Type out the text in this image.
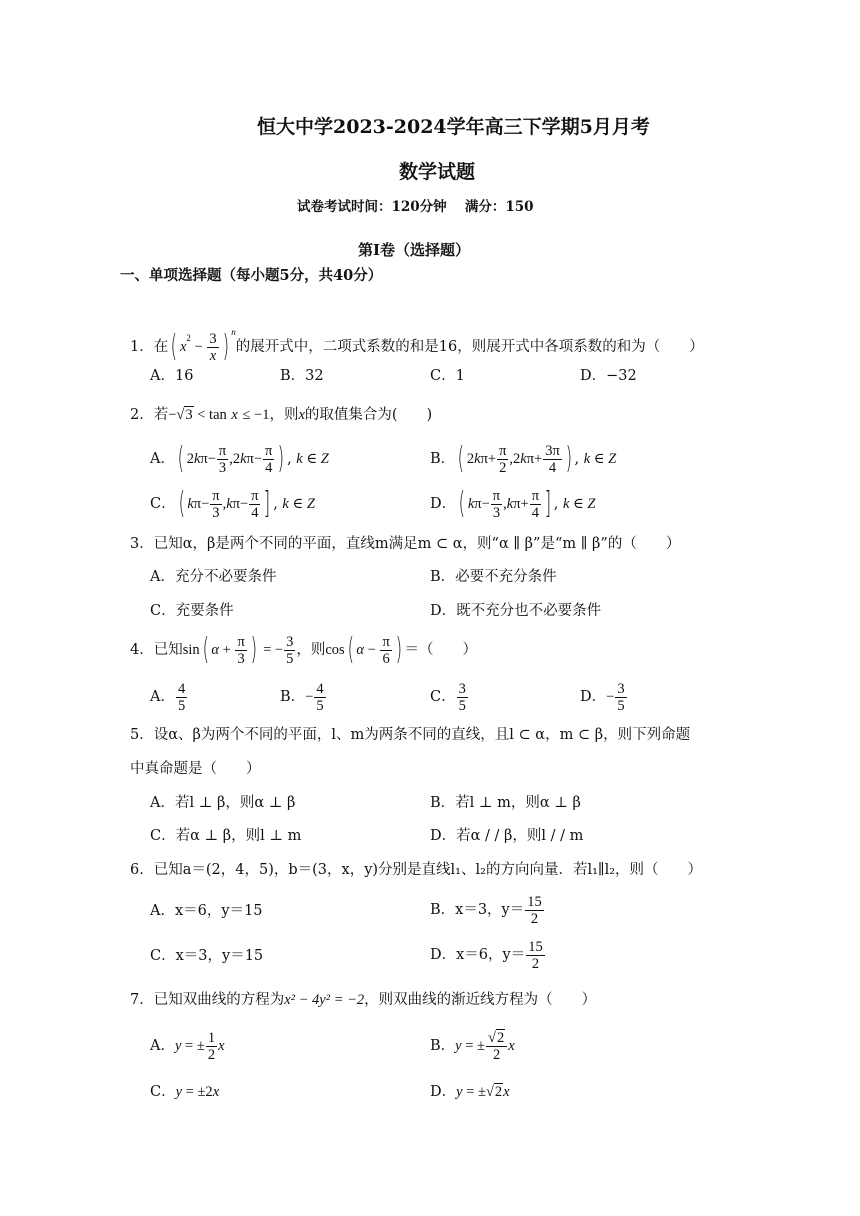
恒大中学2023-2024学年高三下学期5月月考
数学试题
试卷考试时间：120分钟　 满分：150
第Ⅰ卷（选择题）
一、单项选择题（每小题5分，共40分）
1．在( $x^2 - \frac{3}{x}$ ) $^n$的展开式中，二项式系数的和是16，则展开式中各项系数的和为（　　）
A．16	B．32	C．1	D．−32
2．若−√3 < tan x ≤ −1，则x的取值集合为(　　)
A．( $2k\pi- \frac{\pi}{3} ,2k\pi- \frac{\pi}{4}$ ) , k ∈ Z	B．( $2k\pi+ \frac{\pi}{2} ,2k\pi+ \frac{3\pi}{4}$ ) , k ∈ Z
C．( $k\pi- \frac{\pi}{3} ,k\pi- \frac{\pi}{4}$ ] , k ∈ Z	D．( $k\pi- \frac{\pi}{3} ,k\pi+ \frac{\pi}{4}$ ] , k ∈ Z
3．已知α，β是两个不同的平面，直线m满足m ⊂ α，则“α ∥ β”是“m ∥ β”的（　　）
A．充分不必要条件	B．必要不充分条件
C．充要条件	D．既不充分也不必要条件
4．已知sin( $\alpha + \frac{\pi}{3}$ ) = − $\frac{3}{5}$ ，则cos( $\alpha - \frac{\pi}{6}$ ) ＝（　　）
A． $\frac{4}{5}$	B．− $\frac{4}{5}$	C． $\frac{3}{5}$	D．− $\frac{3}{5}$
5．设α、β为两个不同的平面，l、m为两条不同的直线，且l ⊂ α，m ⊂ β，则下列命题
中真命题是（　　）
A．若l ⊥ β，则α ⊥ β	B．若l ⊥ m，则α ⊥ β
C．若α ⊥ β，则l ⊥ m	D．若α / / β，则l / / m
6．已知a＝(2，4，5)，b＝(3，x，y)分别是直线l₁、l₂的方向向量．若l₁∥l₂，则（　　）
A．x＝6，y＝15	B．x＝3，$y= \frac{15}{2}$
C．x＝3，y＝15	D．x＝6，$y= \frac{15}{2}$
7．已知双曲线的方程为x² − 4y² = −2，则双曲线的渐近线方程为（　　）
A．y = ± $\frac{1}{2}$ x	B．y = ± $\frac{√2}{2}$ x
C．y = ±2x	D．y = ±√2x
